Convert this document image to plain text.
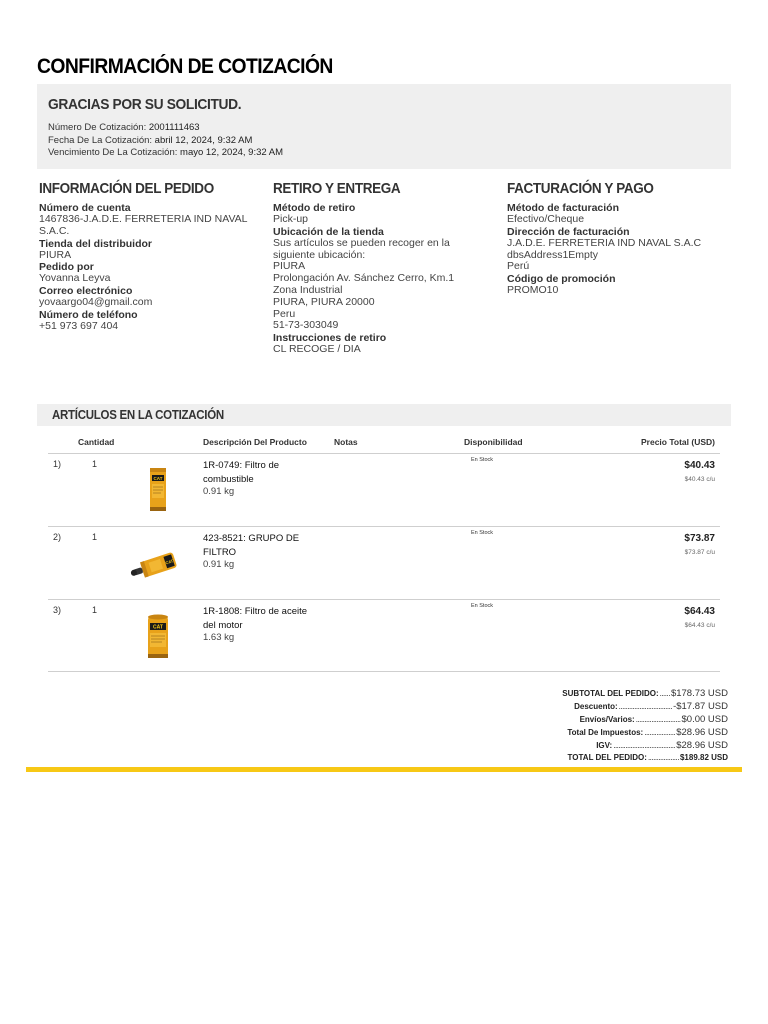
CONFIRMACIÓN DE COTIZACIÓN
GRACIAS POR SU SOLICITUD.
Número De Cotización: 2001111463
Fecha De La Cotización: abril 12, 2024, 9:32 AM
Vencimiento De La Cotización: mayo 12, 2024, 9:32 AM
INFORMACIÓN DEL PEDIDO
Número de cuenta
1467836-J.A.D.E. FERRETERIA IND NAVAL
S.A.C.
Tienda del distribuidor
PIURA
Pedido por
Yovanna Leyva
Correo electrónico
yovaargo04@gmail.com
Número de teléfono
+51 973 697 404
RETIRO Y ENTREGA
Método de retiro
Pick-up
Ubicación de la tienda
Sus artículos se pueden recoger en la
siguiente ubicación:
PIURA
Prolongación Av. Sánchez Cerro, Km.1
Zona Industrial
PIURA, PIURA 20000
Peru
51-73-303049
Instrucciones de retiro
CL RECOGE / DIA
FACTURACIÓN Y PAGO
Método de facturación
Efectivo/Cheque
Dirección de facturación
J.A.D.E. FERRETERIA IND NAVAL S.A.C
dbsAddress1Empty
Perú
Código de promoción
PROMO10
ARTÍCULOS EN LA COTIZACIÓN
Cantidad	Descripción Del Producto	Notas	Disponibilidad	Precio Total (USD)
1)	1
CAT
1R-0749: Filtro de
combustible
0.91 kg
En Stock	$40.43
$40.43 c/u
2)	1
CAT
423-8521: GRUPO DE
FILTRO
0.91 kg
En Stock	$73.87
$73.87 c/u
3)	1
CAT
1R-1808: Filtro de aceite
del motor
1.63 kg
En Stock	$64.43
$64.43 c/u
SUBTOTAL DEL PEDIDO: ...... $178.73 USD
Descuento: ............................... -$17.87 USD
Envíos/Varios: .......................... $0.00 USD
Total De Impuestos: .................. $28.96 USD
IGV: .................................... $28.96 USD
TOTAL DEL PEDIDO: .................. $189.82 USD
